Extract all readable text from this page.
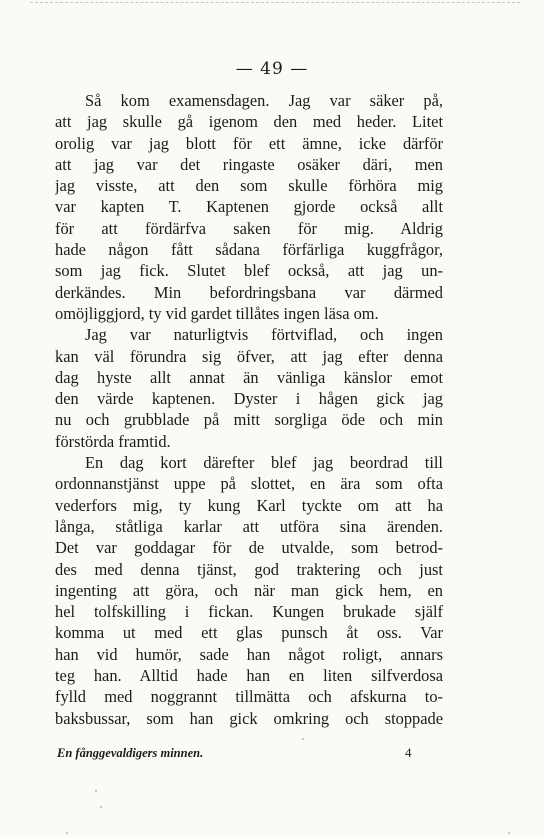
— 49 —
Så kom examensdagen. Jag var säker på,
att jag skulle gå igenom den med heder. Litet
orolig var jag blott för ett ämne, icke därför
att jag var det ringaste osäker däri, men
jag visste, att den som skulle förhöra mig
var kapten T. Kaptenen gjorde också allt
för att fördärfva saken för mig. Aldrig
hade någon fått sådana förfärliga kuggfrågor,
som jag fick. Slutet blef också, att jag un-
derkändes. Min befordringsbana var därmed
omöjliggjord, ty vid gardet tillåtes ingen läsa om.
Jag var naturligtvis förtviflad, och ingen
kan väl förundra sig öfver, att jag efter denna
dag hyste allt annat än vänliga känslor emot
den värde kaptenen. Dyster i hågen gick jag
nu och grubblade på mitt sorgliga öde och min
förstörda framtid.
En dag kort därefter blef jag beordrad till
ordonnanstjänst uppe på slottet, en ära som ofta
vederfors mig, ty kung Karl tyckte om att ha
långa, ståtliga karlar att utföra sina ärenden.
Det var goddagar för de utvalde, som betrod-
des med denna tjänst, god traktering och just
ingenting att göra, och när man gick hem, en
hel tolfskilling i fickan. Kungen brukade själf
komma ut med ett glas punsch åt oss. Var
han vid humör, sade han något roligt, annars
teg han. Alltid hade han en liten silfverdosa
fylld med noggrannt tillmätta och afskurna to-
baksbussar, som han gick omkring och stoppade
En fånggevaldigers minnen.	4
